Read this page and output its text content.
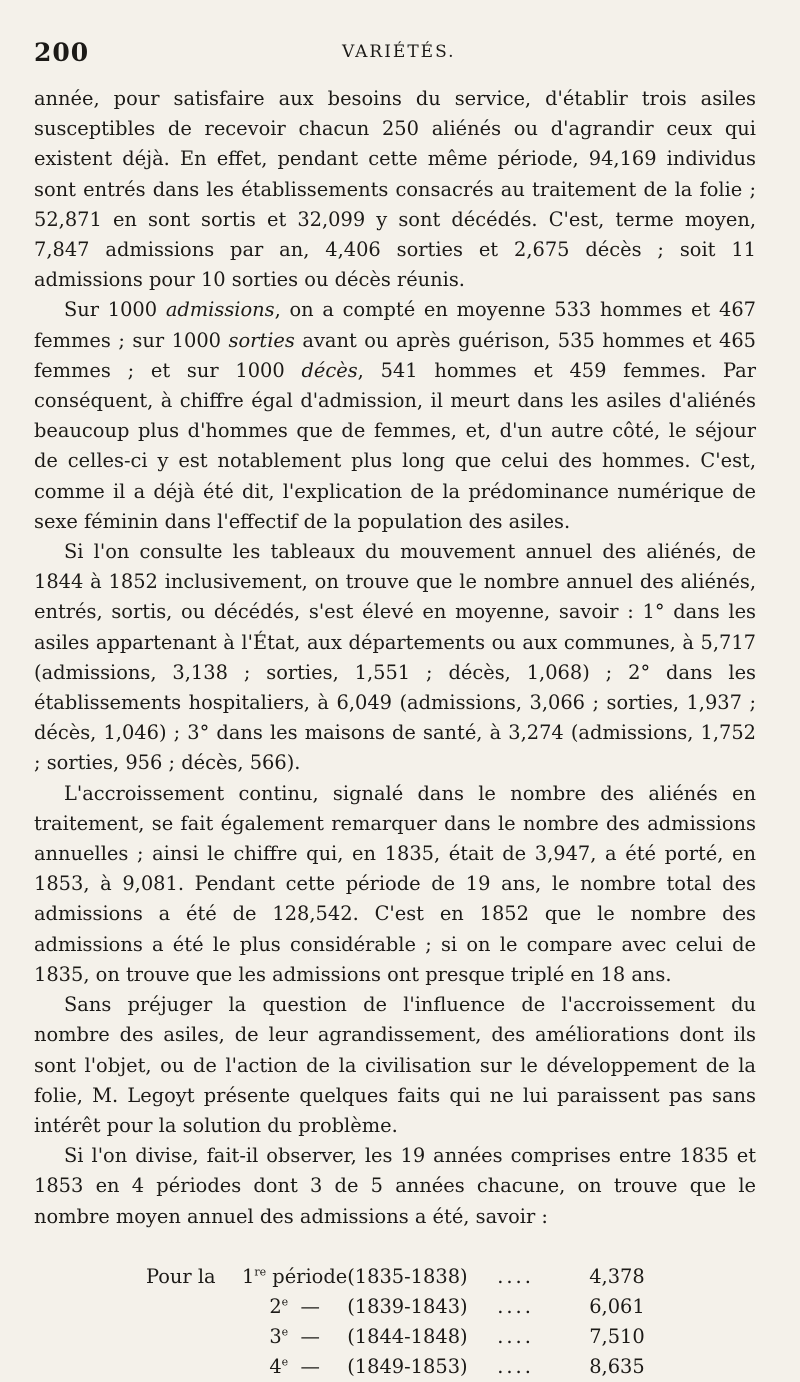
200	VARIÉTÉS.

année, pour satisfaire aux besoins du service, d'établir trois asiles susceptibles de recevoir chacun 250 aliénés ou d'agrandir ceux qui existent déjà. En effet, pendant cette même période, 94,169 individus sont entrés dans les établissements consacrés au traitement de la folie ; 52,871 en sont sortis et 32,099 y sont décédés. C'est, terme moyen, 7,847 admissions par an, 4,406 sorties et 2,675 décès ; soit 11 admissions pour 10 sorties ou décès réunis.

Sur 1000 admissions, on a compté en moyenne 533 hommes et 467 femmes ; sur 1000 sorties avant ou après guérison, 535 hommes et 465 femmes ; et sur 1000 décès, 541 hommes et 459 femmes. Par conséquent, à chiffre égal d'admission, il meurt dans les asiles d'aliénés beaucoup plus d'hommes que de femmes, et, d'un autre côté, le séjour de celles-ci y est notablement plus long que celui des hommes. C'est, comme il a déjà été dit, l'explication de la prédominance numérique de sexe féminin dans l'effectif de la population des asiles.

Si l'on consulte les tableaux du mouvement annuel des aliénés, de 1844 à 1852 inclusivement, on trouve que le nombre annuel des aliénés, entrés, sortis, ou décédés, s'est élevé en moyenne, savoir : 1° dans les asiles appartenant à l'État, aux départements ou aux communes, à 5,717 (admissions, 3,138 ; sorties, 1,551 ; décès, 1,068) ; 2° dans les établissements hospitaliers, à 6,049 (admissions, 3,066 ; sorties, 1,937 ; décès, 1,046) ; 3° dans les maisons de santé, à 3,274 (admissions, 1,752 ; sorties, 956 ; décès, 566).

L'accroissement continu, signalé dans le nombre des aliénés en traitement, se fait également remarquer dans le nombre des admissions annuelles ; ainsi le chiffre qui, en 1835, était de 3,947, a été porté, en 1853, à 9,081. Pendant cette période de 19 ans, le nombre total des admissions a été de 128,542. C'est en 1852 que le nombre des admissions a été le plus considérable ; si on le compare avec celui de 1835, on trouve que les admissions ont presque triplé en 18 ans.

Sans préjuger la question de l'influence de l'accroissement du nombre des asiles, de leur agrandissement, des améliorations dont ils sont l'objet, ou de l'action de la civilisation sur le développement de la folie, M. Legoyt présente quelques faits qui ne lui paraissent pas sans intérêt pour la solution du problème.

Si l'on divise, fait-il observer, les 19 années comprises entre 1835 et 1853 en 4 périodes dont 3 de 5 années chacune, on trouve que le nombre moyen annuel des admissions a été, savoir :

Pour la	1re période	(1835-1838)	....	4,378
	2e —	(1839-1843)	....	6,061
	3e —	(1844-1848)	....	7,510
	4e —	(1849-1853)	....	8,635
